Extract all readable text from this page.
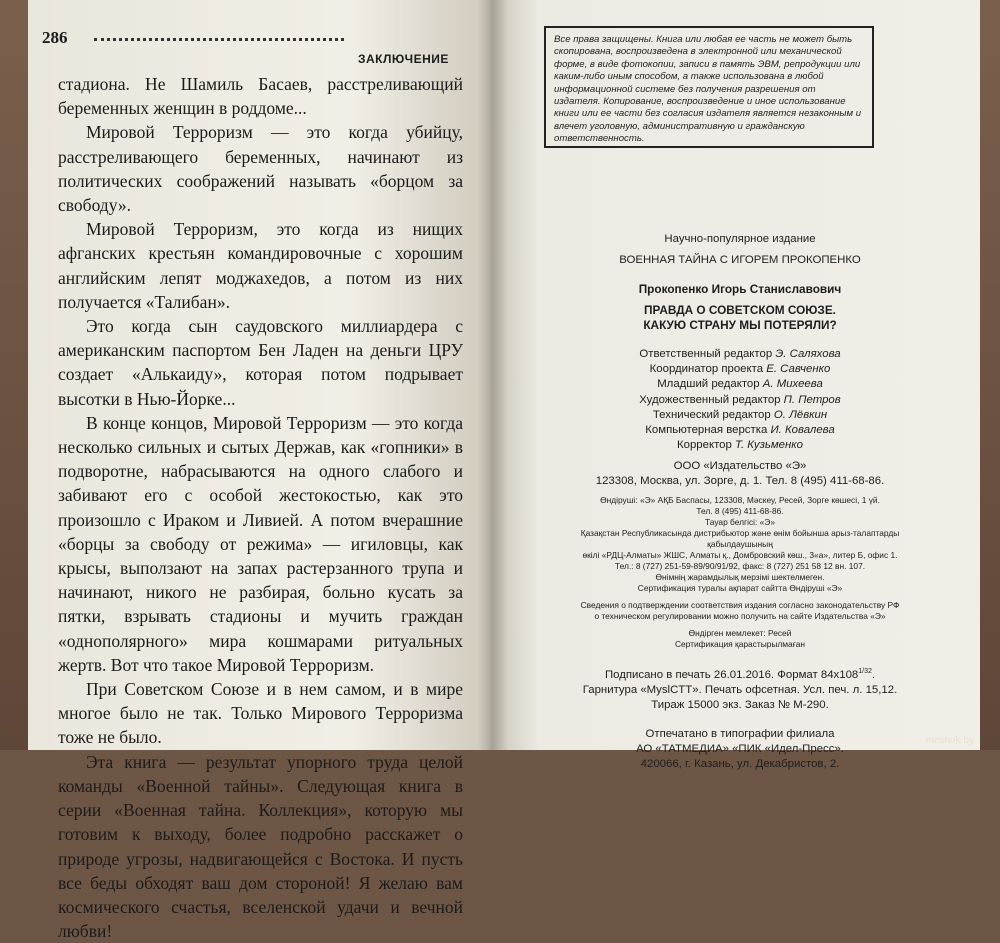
286
ЗАКЛЮЧЕНИЕ

стадиона. Не Шамиль Басаев, расстреливающий беременных женщин в роддоме...

Мировой Терроризм — это когда убийцу, расстреливающего беременных, начинают из политических соображений называть «борцом за свободу».

Мировой Терроризм, это когда из нищих афганских крестьян командировочные с хорошим английским лепят моджахедов, а потом из них получается «Талибан».

Это когда сын саудовского миллиардера с американским паспортом Бен Ладен на деньги ЦРУ создает «Алькаиду», которая потом подрывает высотки в Нью-Йорке...

В конце концов, Мировой Терроризм — это когда несколько сильных и сытых Держав, как «гопники» в подворотне, набрасываются на одного слабого и забивают его с особой жестокостью, как это произошло с Ираком и Ливией. А потом вчерашние «борцы за свободу от режима» — игиловцы, как крысы, выползают на запах растерзанного трупа и начинают, никого не разбирая, больно кусать за пятки, взрывать стадионы и мучить граждан «однополярного» мира кошмарами ритуальных жертв. Вот что такое Мировой Терроризм.

При Советском Союзе и в нем самом, и в мире многое было не так. Только Мирового Терроризма тоже не было.

Эта книга — результат упорного труда целой команды «Военной тайны». Следующая книга в серии «Военная тайна. Коллекция», которую мы готовим к выходу, более подробно расскажет о природе угрозы, надвигающейся с Востока. И пусть все беды обходят ваш дом стороной! Я желаю вам космического счастья, вселенской удачи и вечной любви!

Все права защищены. Книга или любая ее часть не может быть скопирована, воспроизведена в электронной или механической форме, в виде фотокопии, записи в память ЭВМ, репродукции или каким-либо иным способом, а также использована в любой информационной системе без получения разрешения от издателя. Копирование, воспроизведение и иное использование книги или ее части без согласия издателя является незаконным и влечет уголовную, административную и гражданскую ответственность.
Научно-популярное издание
ВОЕННАЯ ТАЙНА С ИГОРЕМ ПРОКОПЕНКО
Прокопенко Игорь Станиславович
ПРАВДА О СОВЕТСКОМ СОЮЗЕ.
КАКУЮ СТРАНУ МЫ ПОТЕРЯЛИ?
Ответственный редактор Э. Саляхова
Координатор проекта Е. Савченко
Младший редактор А. Михеева
Художественный редактор П. Петров
Технический редактор О. Лёвкин
Компьютерная верстка И. Ковалева
Корректор Т. Кузьменко
ООО «Издательство «Э»
123308, Москва, ул. Зорге, д. 1. Тел. 8 (495) 411-68-86.
Өндіруші: «Э» АҚБ Баспасы, 123308, Мәскеу, Ресей, Зорге көшесі, 1 үй.
Тел. 8 (495) 411-68-86.
Тауар белгісі: «Э»
Қазақстан Республикасында дистрибьютор және өнім бойынша арыз-талаптарды қабылдаушының
өкілі «РДЦ-Алматы» ЖШС, Алматы қ., Домбровский көш., 3«а», литер Б, офис 1.
Тел.: 8 (727) 251-59-89/90/91/92, факс: 8 (727) 251 58 12 вн. 107.
Өнімнің жарамдылық мерзімі шектелмеген.
Сертификация туралы ақпарат сайтта Өндіруші «Э»
Сведения о подтверждении соответствия издания согласно законодательству РФ
о техническом регулировании можно получить на сайте Издательства «Э»
Өндірген мемлекет: Ресей
Сертификация қарастырылмаған
Подписано в печать 26.01.2016. Формат $84x108^{1/32}$.
Гарнитура «MyslCTT». Печать офсетная. Усл. печ. л. 15,12.
Тираж 15000 экз. Заказ № М-290.
Отпечатано в типографии филиала
АО «ТАТМЕДИА» «ПИК «Идел-Пресс».
420066, г. Казань, ул. Декабристов, 2.
meshok.by
